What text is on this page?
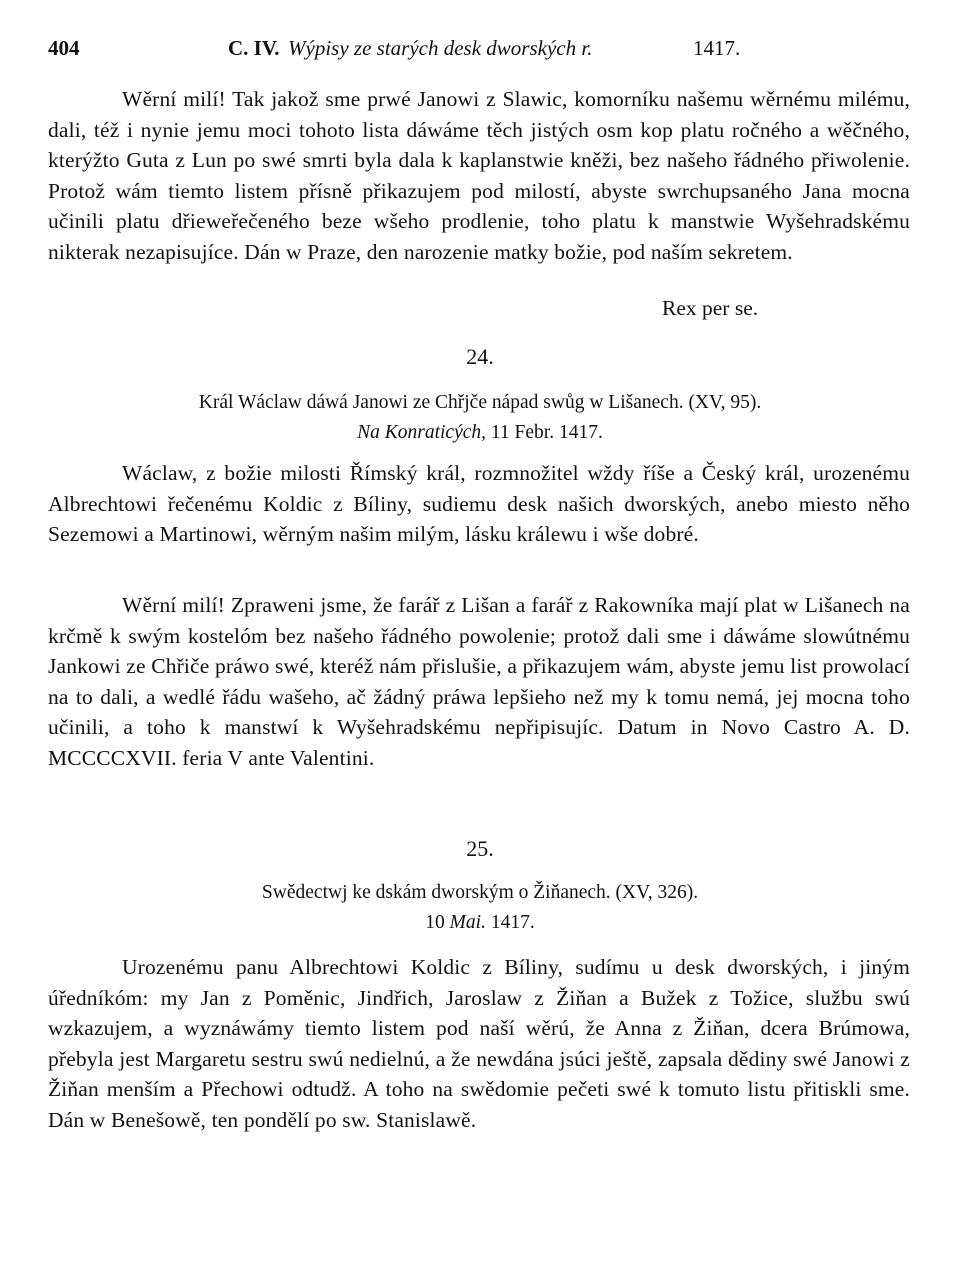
404	C. IV. Wýpisy ze starých desk dworských r.	1417.
Wěrní milí! Tak jakož sme prwé Janowi z Slawic, komorníku našemu wěrnému milému, dali, též i nynie jemu moci tohoto lista dáwáme těch jistých osm kop platu ročného a wěčného, kterýžto Guta z Lun po swé smrti byla dala k kaplanstwie kněži, bez našeho řádného přiwolenie. Protož wám tiemto listem přísně přikazujem pod milostí, abyste swrchupsaného Jana mocna učinili platu dřieweřečeného beze wšeho prodlenie, toho platu k manstwie Wyšehradskému nikterak nezapisujíce. Dán w Praze, den narozenie matky božie, pod naším sekretem.
Rex per se.
24.
Král Wáclaw dáwá Janowi ze Chřjče nápad swůg w Lišanech. (XV, 95).
Na Konraticých, 11 Febr. 1417.
Wáclaw, z božie milosti Římský král, rozmnožitel wždy říše a Český král, urozenému Albrechtowi řečenému Koldic z Bíliny, sudiemu desk našich dworských, anebo miesto něho Sezemowi a Martinowi, wěrným našim milým, lásku králewu i wše dobré.
Wěrní milí! Zpraweni jsme, že farář z Lišan a farář z Rakowníka mají plat w Lišanech na krčmě k swým kostelóm bez našeho řádného powolenie; protož dali sme i dáwáme slowútnému Jankowi ze Chřiče práwo swé, kteréž nám přislušie, a přikazujem wám, abyste jemu list prowolací na to dali, a wedlé řádu wašeho, ač žádný práwa lepšieho než my k tomu nemá, jej mocna toho učinili, a toho k manstwí k Wyšehradskému nepřipisujíc. Datum in Novo Castro A. D. MCCCCXVII. feria V ante Valentini.
25.
Swědectwj ke dskám dworským o Žiňanech. (XV, 326).
10 Mai. 1417.
Urozenému panu Albrechtowi Koldic z Bíliny, sudímu u desk dworských, i jiným úředníkóm: my Jan z Poměnic, Jindřich, Jaroslaw z Žiňan a Bužek z Tožice, službu swú wzkazujem, a wyznáwámy tiemto listem pod naší wěrú, že Anna z Žiňan, dcera Brúmowa, přebyla jest Margaretu sestru swú nedielnú, a že newdána jsúci ještě, zapsala dědiny swé Janowi z Žiňan menším a Přechowi odtudž. A toho na swědomie pečeti swé k tomuto listu přitiskli sme. Dán w Benešowě, ten pondělí po sw. Stanislawě.
